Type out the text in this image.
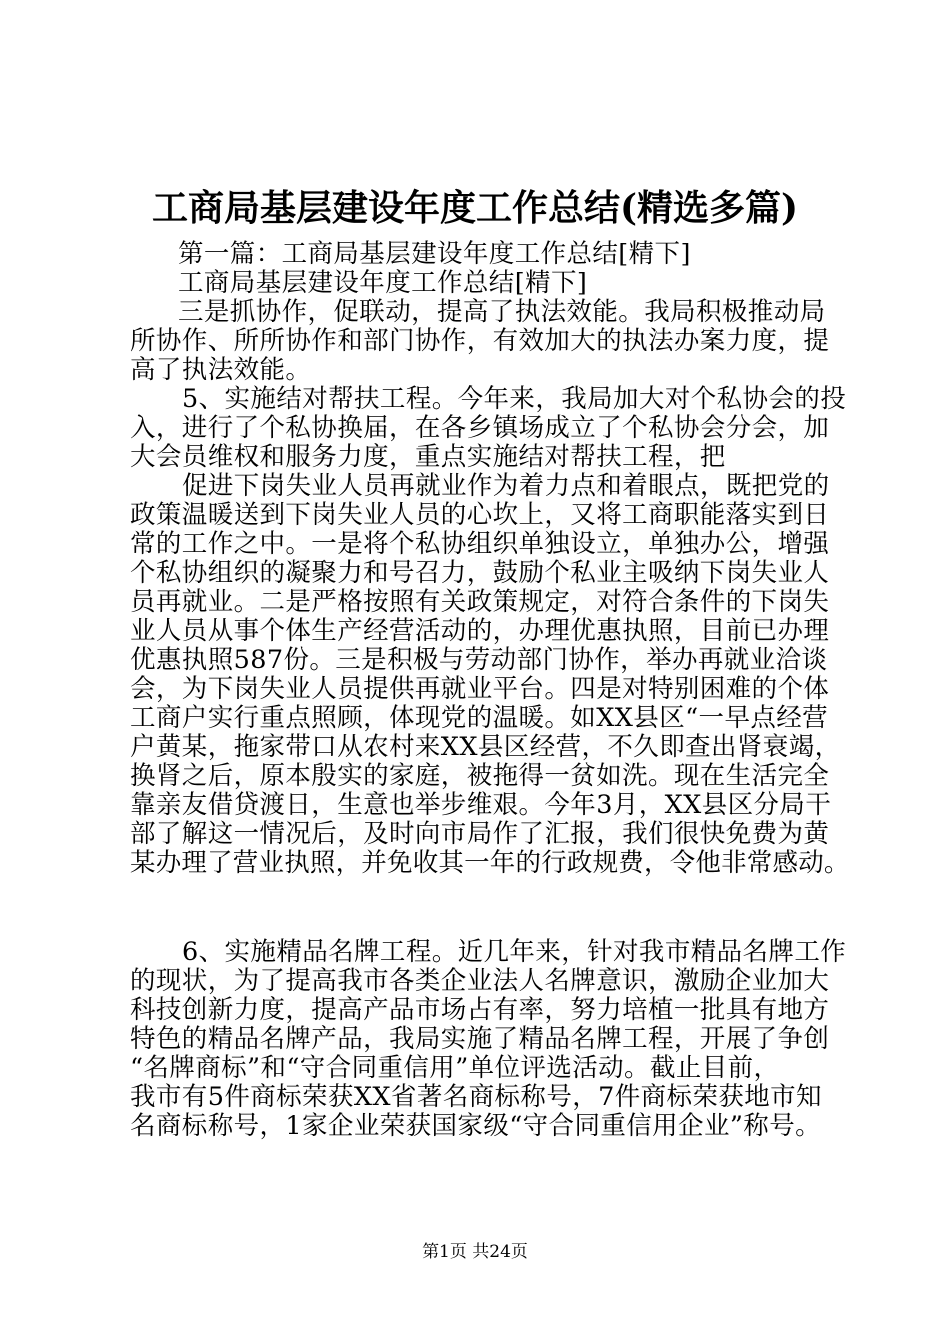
工商局基层建设年度工作总结(精选多篇)
第一篇：工商局基层建设年度工作总结[精下]
工商局基层建设年度工作总结[精下]
三是抓协作，促联动，提高了执法效能。我局积极推动局
所协作、所所协作和部门协作，有效加大的执法办案力度，提
高了执法效能。
5、实施结对帮扶工程。今年来，我局加大对个私协会的投
入，进行了个私协换届，在各乡镇场成立了个私协会分会，加
大会员维权和服务力度，重点实施结对帮扶工程，把
促进下岗失业人员再就业作为着力点和着眼点，既把党的
政策温暖送到下岗失业人员的心坎上，又将工商职能落实到日
常的工作之中。一是将个私协组织单独设立，单独办公，增强
个私协组织的凝聚力和号召力，鼓励个私业主吸纳下岗失业人
员再就业。二是严格按照有关政策规定，对符合条件的下岗失
业人员从事个体生产经营活动的，办理优惠执照，目前已办理
优惠执照587份。三是积极与劳动部门协作，举办再就业洽谈
会，为下岗失业人员提供再就业平台。四是对特别困难的个体
工商户实行重点照顾，体现党的温暖。如XX县区“一早点经营
户黄某，拖家带口从农村来XX县区经营，不久即查出肾衰竭，
换肾之后，原本殷实的家庭，被拖得一贫如洗。现在生活完全
靠亲友借贷渡日，生意也举步维艰。今年3月，XX县区分局干
部了解这一情况后，及时向市局作了汇报，我们很快免费为黄
某办理了营业执照，并免收其一年的行政规费，令他非常感动。
6、实施精品名牌工程。近几年来，针对我市精品名牌工作
的现状，为了提高我市各类企业法人名牌意识，激励企业加大
科技创新力度，提高产品市场占有率，努力培植一批具有地方
特色的精品名牌产品，我局实施了精品名牌工程，开展了争创
“名牌商标”和“守合同重信用”单位评选活动。截止目前，
我市有5件商标荣获XX省著名商标称号，7件商标荣获地市知
名商标称号，1家企业荣获国家级“守合同重信用企业”称号。
第1页 共24页
